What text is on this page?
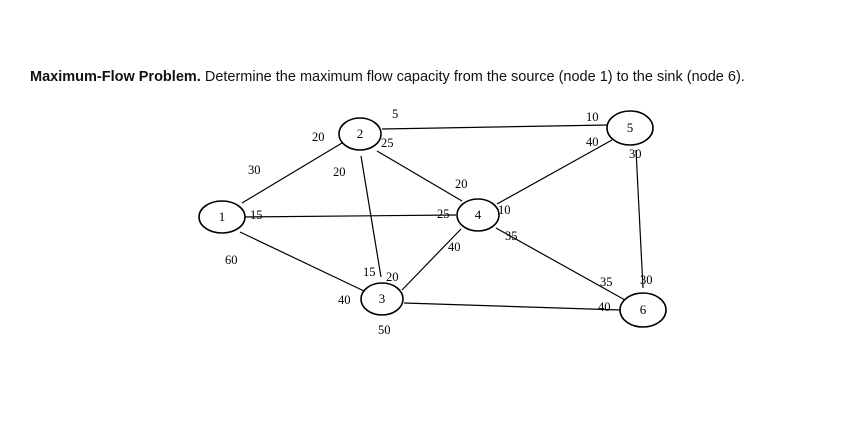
Maximum-Flow Problem. Determine the maximum flow capacity from the source (node 1) to the sink (node 6).
1
2
3
4
5
6
30
20
15	25
60
40
5	10
25
15
20
20
20
40
50
40
10
40
35
35
30
30
